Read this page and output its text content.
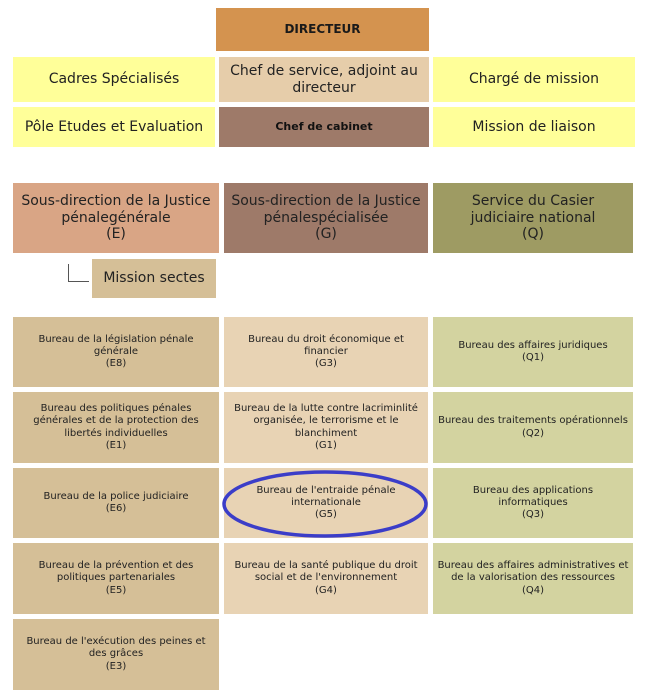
DIRECTEUR
Cadres Spécialisés
Chef de service, adjoint au directeur
Chargé de mission
Pôle Etudes et Evaluation	Chef de cabinet	Mission de liaison
Sous-direction de la Justice pénalegénérale
(E)
Sous-direction de la Justice pénalespécialisée
(G)
Service du Casier judiciaire national
(Q)
Mission sectes
Bureau de la législation pénale générale
(E8)
Bureau des politiques pénales générales et de la protection des libertés individuelles
(E1)
Bureau de la police judiciaire
(E6)
Bureau de la prévention et des politiques partenariales
(E5)
Bureau de l'exécution des peines et des grâces
(E3)
Bureau du droit économique et financier
(G3)
Bureau de la lutte contre lacriminlité organisée, le terrorisme et le blanchiment
(G1)
Bureau de l'entraide pénale internationale
(G5)
Bureau de la santé publique du droit social et de l'environnement
(G4)
Bureau des affaires juridiques
(Q1)
Bureau des traitements opérationnels
(Q2)
Bureau des applications informatiques
(Q3)
Bureau des affaires administratives et de la valorisation des ressources
(Q4)
